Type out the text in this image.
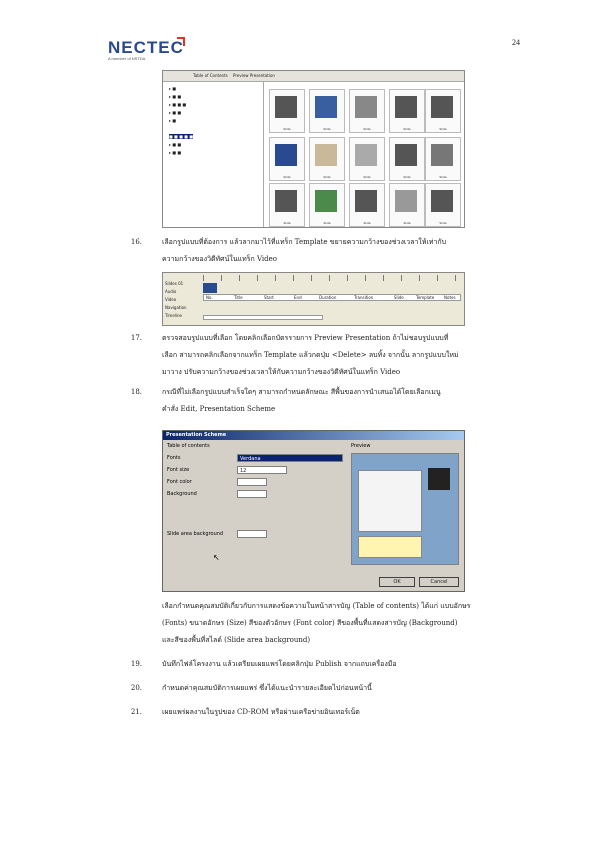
NECTEC
A member of NSTDA
24
Table of Contents Preview Presentation
▸ ■
▸ ■ ■
▸ ■ ■ ■
▸ ■ ■
▸ ■
■ ■ ■ ■ ■
▸ ■ ■
▸ ■ ■
Slide	Slide	Slide	Slide	Slide
Slide	Slide	Slide	Slide	Slide
Slide	Slide	Slide	Slide	Slide
16.	เลือกรูปแบบที่ต้องการ แล้วลากมาไว้ที่แทร็ก Template ขยายความกว้างของช่วงเวลาให้เท่ากับ
ความกว้างของวิดีทัศน์ในแทร็ก Video
No.	Title	Start	End	Duration	Transition	Slide	Template Notes
Slides 01
Audio
Video
Navigation
Timeline
17.	ตรวจสอบรูปแบบที่เลือก โดยคลิกเลือกบัตรรายการ Preview Presentation ถ้าไม่ชอบรูปแบบที่
เลือก สามารถคลิกเลือกจากแทร็ก Template แล้วกดปุ่ม <Delete> ลบทิ้ง จากนั้น ลากรูปแบบใหม่
มาวาง ปรับความกว้างของช่วงเวลาให้กับความกว้างของวิดีทัศน์ในแทร็ก Video
18.	กรณีที่ไม่เลือกรูปแบบสำเร็จใดๆ สามารถกำหนดลักษณะ สีพื้นของการนำเสนอได้โดยเลือกเมนู
คำสั่ง Edit, Presentation Scheme
Presentation Scheme
Table of contents
Fonts	Verdana
Font size	12
Font color
Background
Slide area background
↖
Preview
OK	Cancel
เลือกกำหนดคุณสมบัติเกี่ยวกับการแสดงข้อความในหน้าสารบัญ (Table of contents) ได้แก่ แบบอักษร
(Fonts) ขนาดอักษร (Size) สีของตัวอักษร (Font color) สีของพื้นที่แสดงสารบัญ (Background)
และสีของพื้นที่สไลด์ (Slide area background)
19.	บันทึกไฟล์โครงงาน แล้วเตรียมเผยแพร่โดยคลิกปุ่ม Publish จากแถบเครื่องมือ
20.	กำหนดค่าคุณสมบัติการเผยแพร่ ซึ่งได้แนะนำรายละเอียดไปก่อนหน้านี้
21.	เผยแพร่ผลงานในรูปของ CD-ROM หรือผ่านเครือข่ายอินเทอร์เน็ต
